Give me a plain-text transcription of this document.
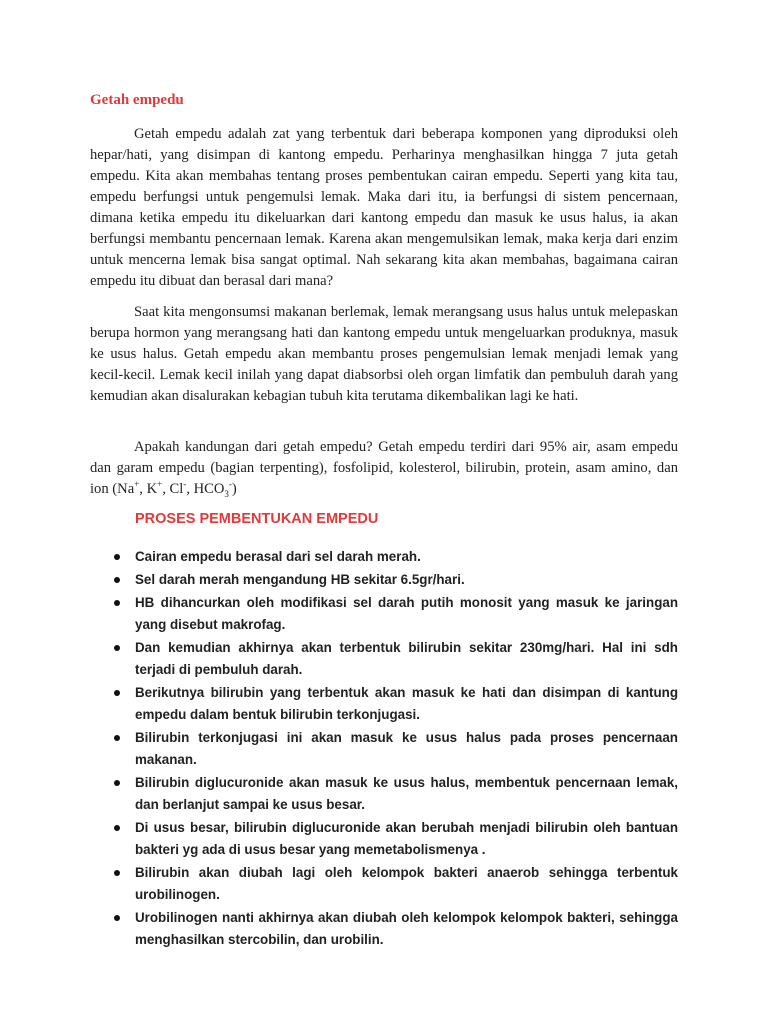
Getah empedu

Getah empedu adalah zat yang terbentuk dari beberapa komponen yang diproduksi oleh hepar/hati, yang disimpan di kantong empedu. Perharinya menghasilkan hingga 7 juta getah empedu. Kita akan membahas tentang proses pembentukan cairan empedu. Seperti yang kita tau, empedu berfungsi untuk pengemulsi lemak. Maka dari itu, ia berfungsi di sistem pencernaan, dimana ketika empedu itu dikeluarkan dari kantong empedu dan masuk ke usus halus, ia akan berfungsi membantu pencernaan lemak. Karena akan mengemulsikan lemak, maka kerja dari enzim untuk mencerna lemak bisa sangat optimal. Nah sekarang kita akan membahas, bagaimana cairan empedu itu dibuat dan berasal dari mana?

Saat kita mengonsumsi makanan berlemak, lemak merangsang usus halus untuk melepaskan berupa hormon yang merangsang hati dan kantong empedu untuk mengeluarkan produknya, masuk ke usus halus. Getah empedu akan membantu proses pengemulsian lemak menjadi lemak yang kecil-kecil. Lemak kecil inilah yang dapat diabsorbsi oleh organ limfatik dan pembuluh darah yang kemudian akan disalurakan kebagian tubuh kita terutama dikembalikan lagi ke hati.

Apakah kandungan dari getah empedu? Getah empedu terdiri dari 95% air, asam empedu dan garam empedu (bagian terpenting), fosfolipid, kolesterol, bilirubin, protein, asam amino, dan ion (Na+, K+, Cl-, $HCO_3^-$)

PROSES PEMBENTUKAN EMPEDU
Cairan empedu berasal dari sel darah merah.
Sel darah merah mengandung HB sekitar 6.5gr/hari.
HB dihancurkan oleh modifikasi sel darah putih monosit yang masuk ke jaringan yang disebut makrofag.
Dan kemudian akhirnya akan terbentuk bilirubin sekitar 230mg/hari. Hal ini sdh terjadi di pembuluh darah.
Berikutnya bilirubin yang terbentuk akan masuk ke hati dan disimpan di kantung empedu dalam bentuk bilirubin terkonjugasi.
Bilirubin terkonjugasi ini akan masuk ke usus halus pada proses pencernaan makanan.
Bilirubin diglucuronide akan masuk ke usus halus, membentuk pencernaan lemak, dan berlanjut sampai ke usus besar.
Di usus besar, bilirubin diglucuronide akan berubah menjadi bilirubin oleh bantuan bakteri yg ada di usus besar yang memetabolismenya .
Bilirubin akan diubah lagi oleh kelompok bakteri anaerob sehingga terbentuk urobilinogen.
Urobilinogen nanti akhirnya akan diubah oleh kelompok kelompok bakteri, sehingga menghasilkan stercobilin, dan urobilin.
